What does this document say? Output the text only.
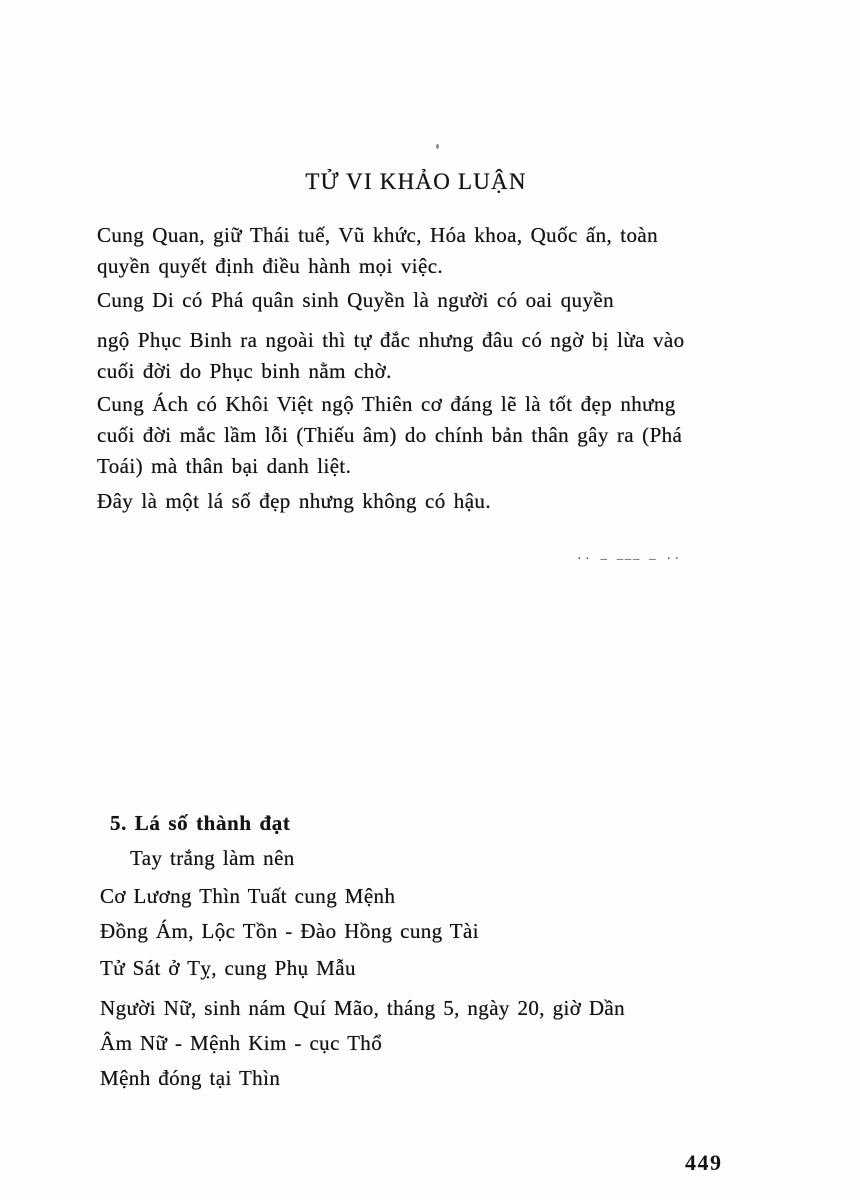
TỬ VI KHẢO LUẬN
Cung Quan, giữ Thái tuế, Vũ khức, Hóa khoa, Quốc ấn, toàn
quyền quyết định điều hành mọi việc.
Cung Di có Phá quân sinh Quyền là người có oai quyền
ngộ Phục Binh ra ngoài thì tự đắc nhưng đâu có ngờ bị lừa vào
cuối đời do Phục binh nằm chờ.
Cung Ách có Khôi Việt ngộ Thiên cơ đáng lẽ là tốt đẹp nhưng
cuối đời mắc lầm lỗi (Thiếu âm) do chính bản thân gây ra (Phá
Toái) mà thân bại danh liệt.
Đây là một lá số đẹp nhưng không có hậu.
·· – ——— – ··
5. Lá số thành đạt
Tay trắng làm nên
Cơ Lương Thìn Tuất cung Mệnh
Đồng Ám, Lộc Tồn - Đào Hồng cung Tài
Tử Sát ở Tỵ, cung Phụ Mẫu
Người Nữ, sinh nám Quí Mão, tháng 5, ngày 20, giờ Dần
Âm Nữ - Mệnh Kim - cục Thổ
Mệnh đóng tại Thìn
449
